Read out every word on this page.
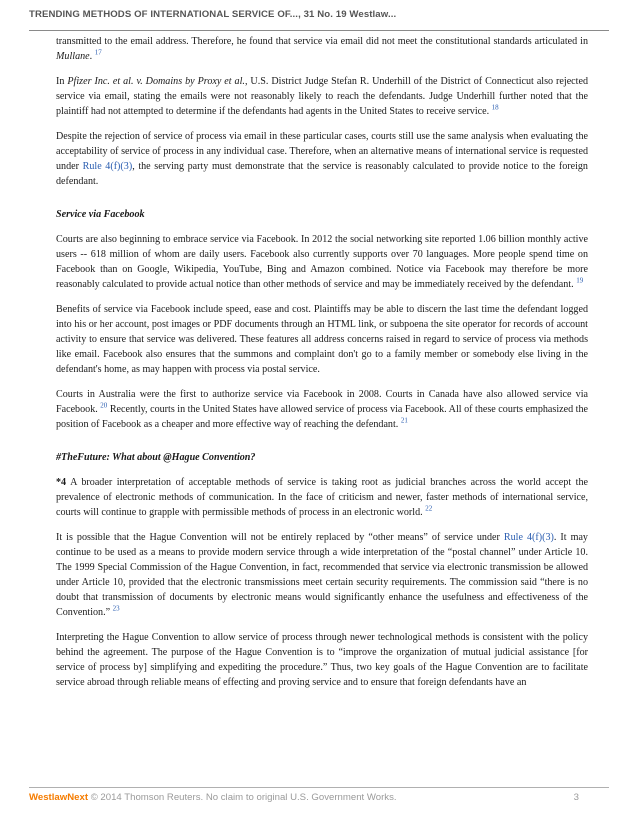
TRENDING METHODS OF INTERNATIONAL SERVICE OF..., 31 No. 19 Westlaw...

transmitted to the email address. Therefore, he found that service via email did not meet the constitutional standards articulated in Mullane. $^{17}$

In Pfizer Inc. et al. v. Domains by Proxy et al., U.S. District Judge Stefan R. Underhill of the District of Connecticut also rejected service via email, stating the emails were not reasonably likely to reach the defendants. Judge Underhill further noted that the plaintiff had not attempted to determine if the defendants had agents in the United States to receive service. $^{18}$

Despite the rejection of service of process via email in these particular cases, courts still use the same analysis when evaluating the acceptability of service of process in any individual case. Therefore, when an alternative means of international service is requested under Rule 4(f)(3), the serving party must demonstrate that the service is reasonably calculated to provide notice to the foreign defendant.

Service via Facebook

Courts are also beginning to embrace service via Facebook. In 2012 the social networking site reported 1.06 billion monthly active users -- 618 million of whom are daily users. Facebook also currently supports over 70 languages. More people spend time on Facebook than on Google, Wikipedia, YouTube, Bing and Amazon combined. Notice via Facebook may therefore be more reasonably calculated to provide actual notice than other methods of service and may be immediately received by the defendant. $^{19}$

Benefits of service via Facebook include speed, ease and cost. Plaintiffs may be able to discern the last time the defendant logged into his or her account, post images or PDF documents through an HTML link, or subpoena the site operator for records of account activity to ensure that service was delivered. These features all address concerns raised in regard to service of process via methods like email. Facebook also ensures that the summons and complaint don't go to a family member or somebody else living in the defendant's home, as may happen with process via postal service.

Courts in Australia were the first to authorize service via Facebook in 2008. Courts in Canada have also allowed service via Facebook. $^{20}$ Recently, courts in the United States have allowed service of process via Facebook. All of these courts emphasized the position of Facebook as a cheaper and more effective way of reaching the defendant. $^{21}$

#TheFuture: What about @Hague Convention?

*4 A broader interpretation of acceptable methods of service is taking root as judicial branches across the world accept the prevalence of electronic methods of communication. In the face of criticism and newer, faster methods of international service, courts will continue to grapple with permissible methods of process in an electronic world. $^{22}$

It is possible that the Hague Convention will not be entirely replaced by “other means” of service under Rule 4(f)(3). It may continue to be used as a means to provide modern service through a wide interpretation of the “postal channel” under Article 10. The 1999 Special Commission of the Hague Convention, in fact, recommended that service via electronic transmission be allowed under Article 10, provided that the electronic transmissions meet certain security requirements. The commission said “there is no doubt that transmission of documents by electronic means would significantly enhance the usefulness and effectiveness of the Convention.” $^{23}$

Interpreting the Hague Convention to allow service of process through newer technological methods is consistent with the policy behind the agreement. The purpose of the Hague Convention is to “improve the organization of mutual judicial assistance [for service of process by] simplifying and expediting the procedure.” Thus, two key goals of the Hague Convention are to facilitate service abroad through reliable means of effecting and proving service and to ensure that foreign defendants have an

WestlawNext © 2014 Thomson Reuters. No claim to original U.S. Government Works.	3
